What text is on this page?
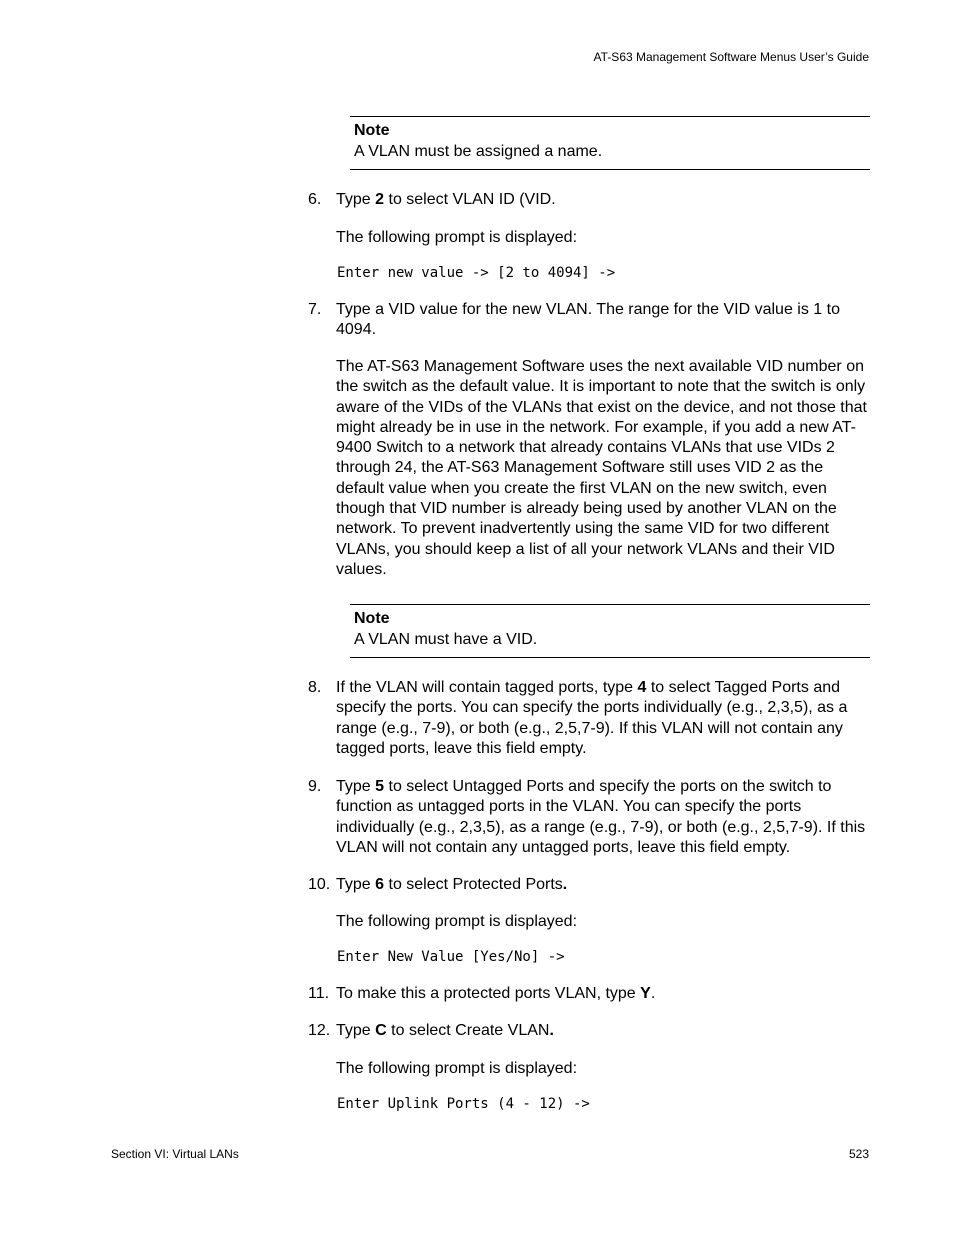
AT-S63 Management Software Menus User’s Guide
Note
A VLAN must be assigned a name.
6. Type 2 to select VLAN ID (VID.
The following prompt is displayed:
Enter new value -> [2 to 4094] ->
7. Type a VID value for the new VLAN. The range for the VID value is 1 to 4094.
The AT-S63 Management Software uses the next available VID number on the switch as the default value. It is important to note that the switch is only aware of the VIDs of the VLANs that exist on the device, and not those that might already be in use in the network. For example, if you add a new AT-9400 Switch to a network that already contains VLANs that use VIDs 2 through 24, the AT-S63 Management Software still uses VID 2 as the default value when you create the first VLAN on the new switch, even though that VID number is already being used by another VLAN on the network. To prevent inadvertently using the same VID for two different VLANs, you should keep a list of all your network VLANs and their VID values.
Note
A VLAN must have a VID.
8. If the VLAN will contain tagged ports, type 4 to select Tagged Ports and specify the ports. You can specify the ports individually (e.g., 2,3,5), as a range (e.g., 7-9), or both (e.g., 2,5,7-9). If this VLAN will not contain any tagged ports, leave this field empty.
9. Type 5 to select Untagged Ports and specify the ports on the switch to function as untagged ports in the VLAN. You can specify the ports individually (e.g., 2,3,5), as a range (e.g., 7-9), or both (e.g., 2,5,7-9). If this VLAN will not contain any untagged ports, leave this field empty.
10. Type 6 to select Protected Ports.
The following prompt is displayed:
Enter New Value [Yes/No] ->
11. To make this a protected ports VLAN, type Y.
12. Type C to select Create VLAN.
The following prompt is displayed:
Enter Uplink Ports (4 - 12) ->
Section VI: Virtual LANs	523
